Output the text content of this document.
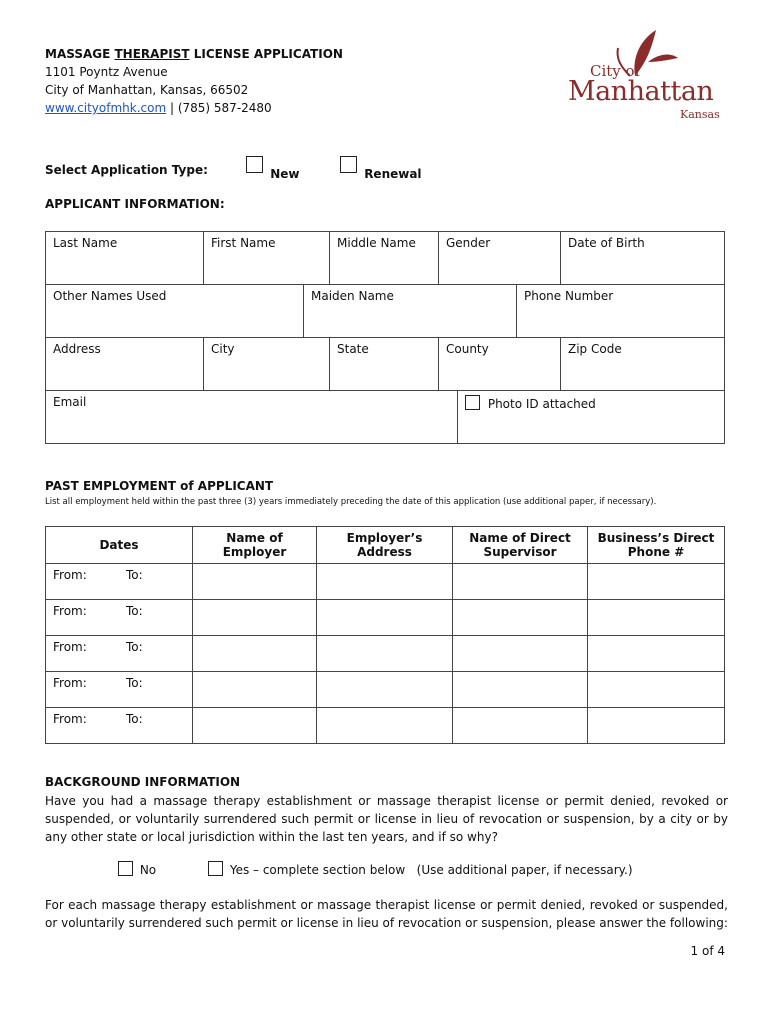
MASSAGE THERAPIST LICENSE APPLICATION
1101 Poyntz Avenue
City of Manhattan, Kansas, 66502
www.cityofmhk.com | (785) 587-2480
City of
Manhattan
Kansas
Select Application Type:	New	Renewal
APPLICANT INFORMATION:
Last Name	First Name	Middle Name	Gender	Date of Birth
Other Names Used	Maiden Name	Phone Number
Address	City	State	County	Zip Code
Email	Photo ID attached
PAST EMPLOYMENT of APPLICANT
List all employment held within the past three (3) years immediately preceding the date of this application (use additional paper, if necessary).
Dates	Name of Employer	Employer’s Address	Name of Direct Supervisor	Business’s Direct Phone #
From: To:				

From: To:				

From: To:				

From: To:				

From: To:				

BACKGROUND INFORMATION
Have you had a massage therapy establishment or massage therapist license or permit denied, revoked or suspended, or voluntarily surrendered such permit or license in lieu of revocation or suspension, by a city or by any other state or local jurisdiction within the last ten years, and if so why?
No	Yes – complete section below   (Use additional paper, if necessary.)
For each massage therapy establishment or massage therapist license or permit denied, revoked or suspended, or voluntarily surrendered such permit or license in lieu of revocation or suspension, please answer the following:
1 of 4
